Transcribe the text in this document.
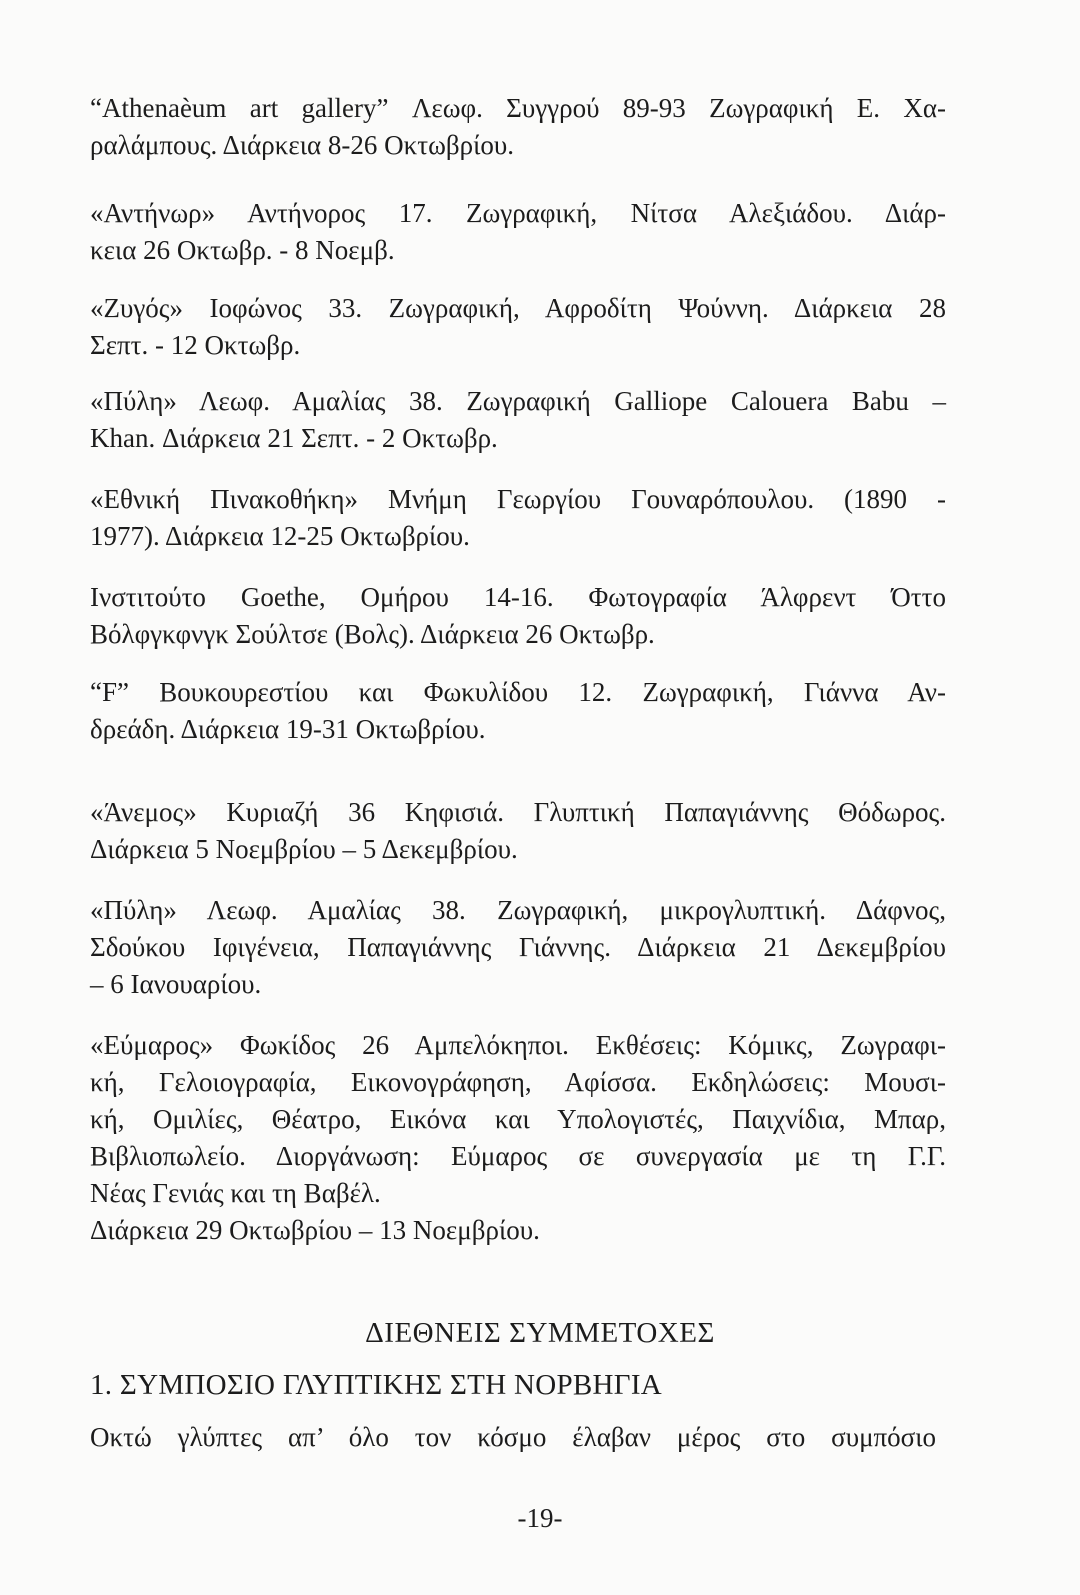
“Athenaèum art gallery” Λεωφ. Συγγρού 89-93 Ζωγραφική Ε. Χα-
ραλάμπους. Διάρκεια 8-26 Οκτωβρίου.
«Αντήνωρ» Αντήνορος 17. Ζωγραφική, Νίτσα Αλεξιάδου. Διάρ-
κεια 26 Οκτωβρ. - 8 Νοεμβ.
«Ζυγός» Ιοφώνος 33. Ζωγραφική, Αφροδίτη Ψούννη. Διάρκεια 28
Σεπτ. - 12 Οκτωβρ.
«Πύλη» Λεωφ. Αμαλίας 38. Ζωγραφική Galliope Calouera Babu –
Khan. Διάρκεια 21 Σεπτ. - 2 Οκτωβρ.
«Εθνική Πινακοθήκη» Μνήμη Γεωργίου Γουναρόπουλου. (1890 -
1977). Διάρκεια 12-25 Οκτωβρίου.
Ινστιτούτο Goethe, Ομήρου 14-16. Φωτογραφία Άλφρεντ Όττο
Βόλφγκφνγκ Σούλτσε (Βολς). Διάρκεια 26 Οκτωβρ.
“F” Βουκουρεστίου και Φωκυλίδου 12. Ζωγραφική, Γιάννα Αν-
δρεάδη. Διάρκεια 19-31 Οκτωβρίου.
«Άνεμος» Κυριαζή 36 Κηφισιά. Γλυπτική Παπαγιάννης Θόδωρος.
Διάρκεια 5 Νοεμβρίου – 5 Δεκεμβρίου.
«Πύλη» Λεωφ. Αμαλίας 38. Ζωγραφική, μικρογλυπτική. Δάφνος,
Σδούκου Ιφιγένεια, Παπαγιάννης Γιάννης. Διάρκεια 21 Δεκεμβρίου
– 6 Ιανουαρίου.
«Εύμαρος» Φωκίδος 26 Αμπελόκηποι. Εκθέσεις: Κόμικς, Ζωγραφι-
κή, Γελοιογραφία, Εικονογράφηση, Αφίσσα. Εκδηλώσεις: Μουσι-
κή, Ομιλίες, Θέατρο, Εικόνα και Υπολογιστές, Παιχνίδια, Μπαρ,
Βιβλιοπωλείο. Διοργάνωση: Εύμαρος σε συνεργασία με τη Γ.Γ.
Νέας Γενιάς και τη Βαβέλ.
Διάρκεια 29 Οκτωβρίου – 13 Νοεμβρίου.
ΔΙΕΘΝΕΙΣ ΣΥΜΜΕΤΟΧΕΣ
1. ΣΥΜΠΟΣΙΟ ΓΛΥΠΤΙΚΗΣ ΣΤΗ ΝΟΡΒΗΓΙΑ
Οκτώ γλύπτες απ’ όλο τον κόσμο έλαβαν μέρος στο συμπόσιο
-19-
